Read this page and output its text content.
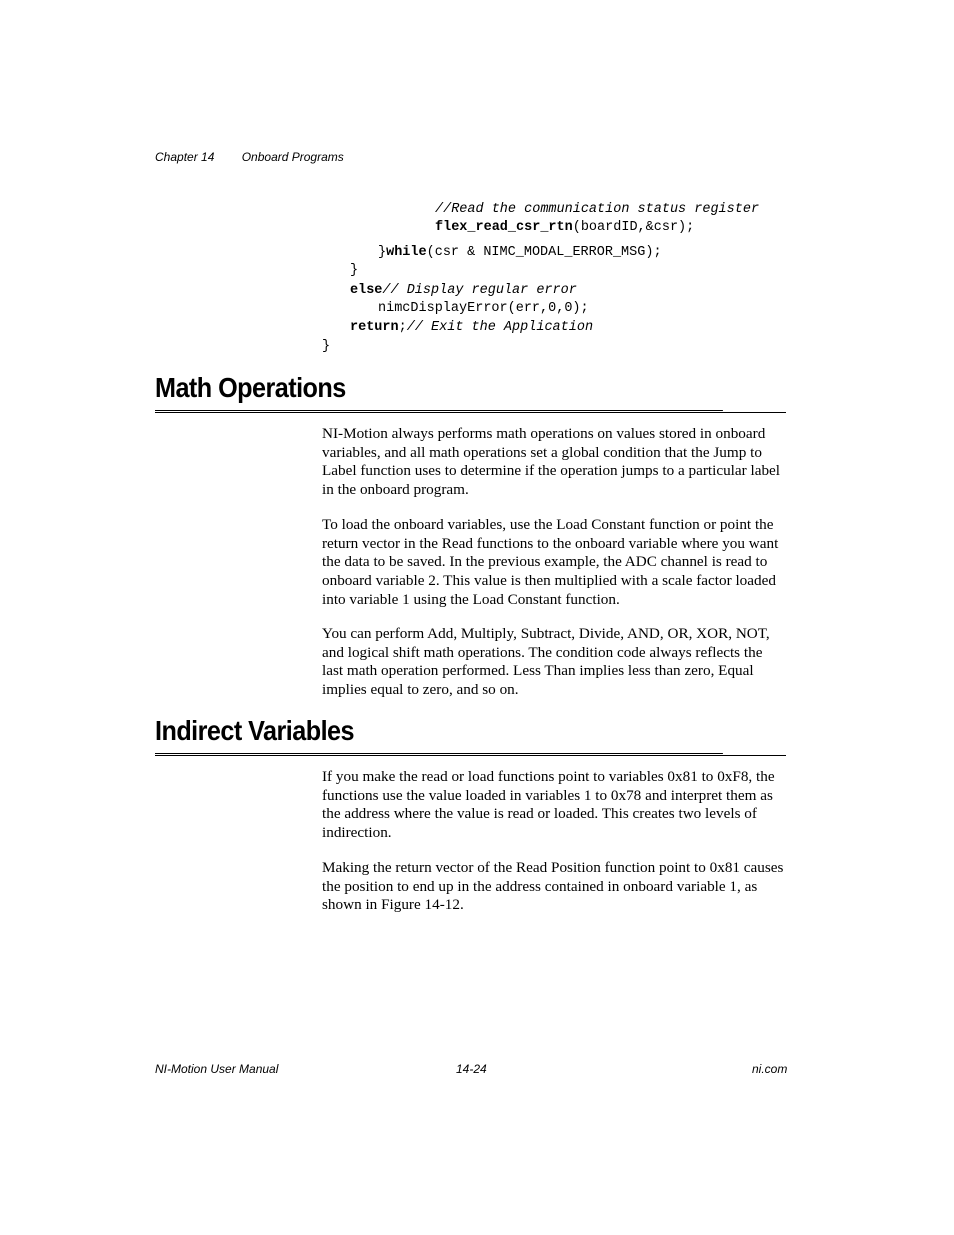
Chapter 14 Onboard Programs

//Read the communication status register

flex_read_csr_rtn(boardID,&csr);

}while(csr & NIMC_MODAL_ERROR_MSG);

}

else// Display regular error

nimcDisplayError(err,0,0);

return;// Exit the Application

}

Math Operations

NI-Motion always performs math operations on values stored in onboard variables, and all math operations set a global condition that the Jump to Label function uses to determine if the operation jumps to a particular label in the onboard program.

To load the onboard variables, use the Load Constant function or point the return vector in the Read functions to the onboard variable where you want the data to be saved. In the previous example, the ADC channel is read to onboard variable 2. This value is then multiplied with a scale factor loaded into variable 1 using the Load Constant function.

You can perform Add, Multiply, Subtract, Divide, AND, OR, XOR, NOT, and logical shift math operations. The condition code always reflects the last math operation performed. Less Than implies less than zero, Equal implies equal to zero, and so on.

Indirect Variables

If you make the read or load functions point to variables 0x81 to 0xF8, the functions use the value loaded in variables 1 to 0x78 and interpret them as the address where the value is read or loaded. This creates two levels of indirection.

Making the return vector of the Read Position function point to 0x81 causes the position to end up in the address contained in onboard variable 1, as shown in Figure 14-12.

NI-Motion User Manual	14-24	ni.com
